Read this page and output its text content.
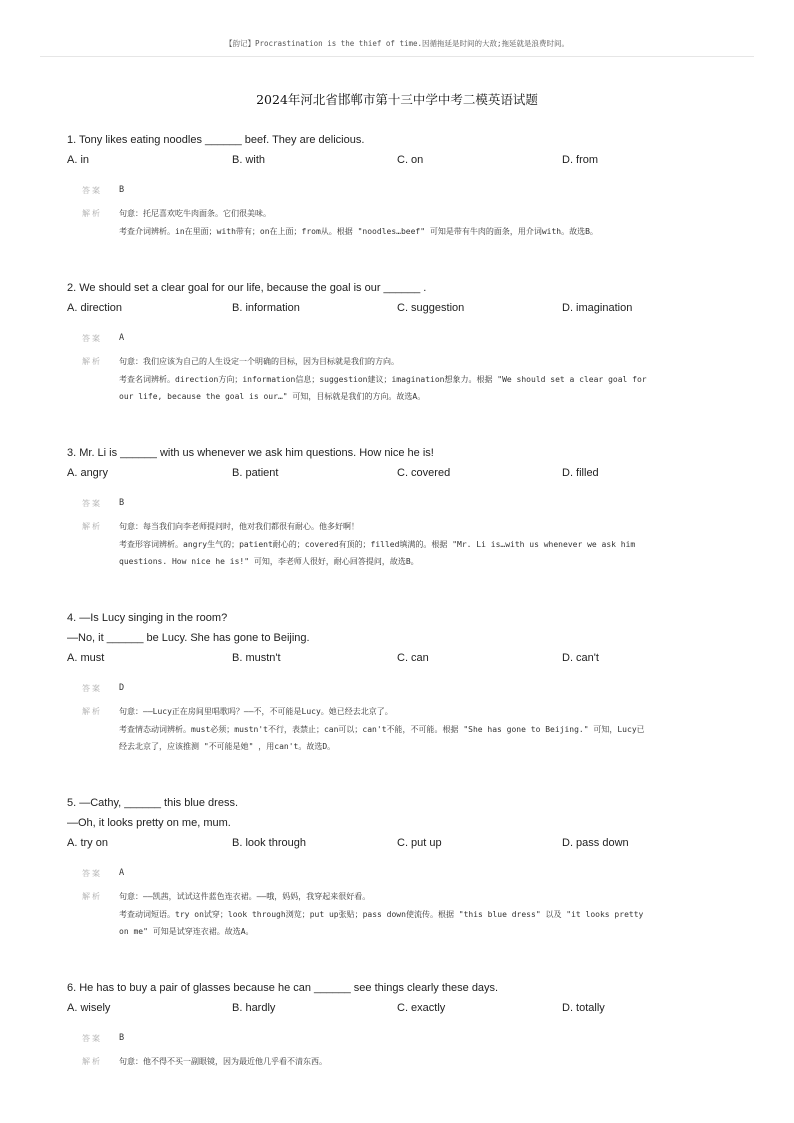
【韵记】Procrastination is the thief of time.因循拖延是时间的大敌;拖延就是浪费时间。
2024年河北省邯郸市第十三中学中考二模英语试题
1. Tony likes eating noodles ______ beef. They are delicious.
A. in	B. with	C. on	D. from
答案 B
解析 句意：托尼喜欢吃牛肉面条。它们很美味。
考查介词辨析。in在里面；with带有；on在上面；from从。根据 "noodles…beef" 可知是带有牛肉的面条，用介词with。故选B。
2. We should set a clear goal for our life, because the goal is our ______ .
A. direction	B. information	C. suggestion	D. imagination
答案 A
解析 句意：我们应该为自己的人生设定一个明确的目标，因为目标就是我们的方向。
考查名词辨析。direction方向；information信息；suggestion建议；imagination想象力。根据 "We should set a clear goal for
our life, because the goal is our…" 可知，目标就是我们的方向。故选A。
3. Mr. Li is ______ with us whenever we ask him questions. How nice he is!
A. angry	B. patient	C. covered	D. filled
答案 B
解析 句意：每当我们向李老师提问时，他对我们都很有耐心。他多好啊！
考查形容词辨析。angry生气的；patient耐心的；covered有顶的；filled填满的。根据 "Mr. Li is…with us whenever we ask him
questions. How nice he is!" 可知，李老师人很好，耐心回答提问，故选B。
4. —Is Lucy singing in the room?
—No, it ______ be Lucy. She has gone to Beijing.
A. must	B. mustn't	C. can	D. can't
答案 D
解析 句意：——Lucy正在房间里唱歌吗？——不，不可能是Lucy。她已经去北京了。
考查情态动词辨析。must必须；mustn't不行，表禁止；can可以；can't不能，不可能。根据 "She has gone to Beijing." 可知，Lucy已
经去北京了，应该推测 "不可能是她" ，用can't。故选D。
5. —Cathy, ______ this blue dress.
—Oh, it looks pretty on me, mum.
A. try on	B. look through	C. put up	D. pass down
答案 A
解析 句意：——凯茜，试试这件蓝色连衣裙。——哦，妈妈，我穿起来很好看。
考查动词短语。try on试穿；look through浏览；put up张贴；pass down使流传。根据 "this blue dress" 以及 "it looks pretty
on me" 可知是试穿连衣裙。故选A。
6. He has to buy a pair of glasses because he can ______ see things clearly these days.
A. wisely	B. hardly	C. exactly	D. totally
答案 B
解析 句意：他不得不买一副眼镜，因为最近他几乎看不清东西。
